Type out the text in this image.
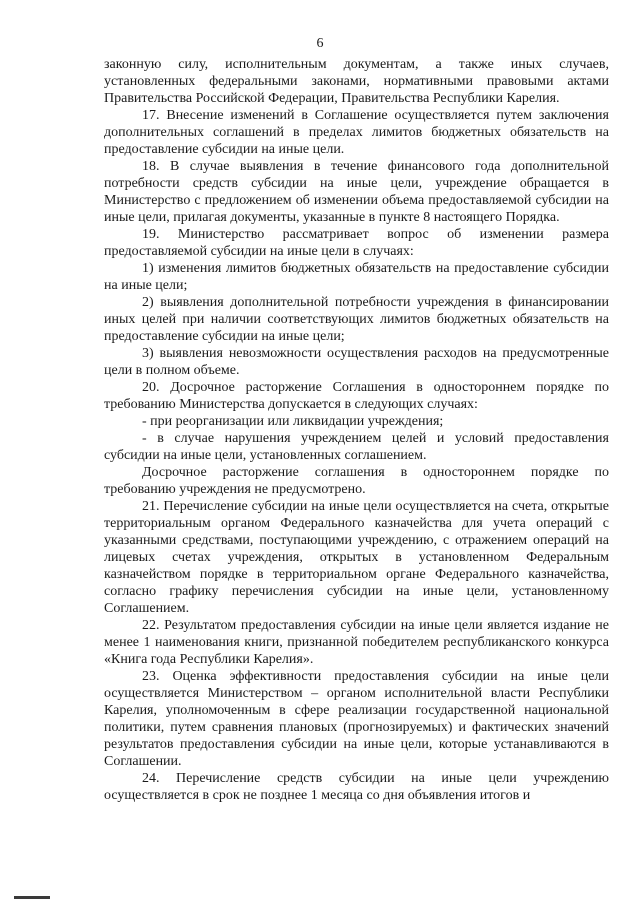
6

законную силу, исполнительным документам, а также иных случаев, установленных федеральными законами, нормативными правовыми актами Правительства Российской Федерации, Правительства Республики Карелия.

17. Внесение изменений в Соглашение осуществляется путем заключения дополнительных соглашений в пределах лимитов бюджетных обязательств на предоставление субсидии на иные цели.

18. В случае выявления в течение финансового года дополнительной потребности средств субсидии на иные цели, учреждение обращается в Министерство с предложением об изменении объема предоставляемой субсидии на иные цели, прилагая документы, указанные в пункте 8 настоящего Порядка.

19. Министерство рассматривает вопрос об изменении размера предоставляемой субсидии на иные цели в случаях:

1) изменения лимитов бюджетных обязательств на предоставление субсидии на иные цели;

2) выявления дополнительной потребности учреждения в финансировании иных целей при наличии соответствующих лимитов бюджетных обязательств на предоставление субсидии на иные цели;

3) выявления невозможности осуществления расходов на предусмотренные цели в полном объеме.

20. Досрочное расторжение Соглашения в одностороннем порядке по требованию Министерства допускается в следующих случаях:

- при реорганизации или ликвидации учреждения;

- в случае нарушения учреждением целей и условий предоставления субсидии на иные цели, установленных соглашением.

Досрочное расторжение соглашения в одностороннем порядке по требованию учреждения не предусмотрено.

21. Перечисление субсидии на иные цели осуществляется на счета, открытые территориальным органом Федерального казначейства для учета операций с указанными средствами, поступающими учреждению, с отражением операций на лицевых счетах учреждения, открытых в установленном Федеральным казначейством порядке в территориальном органе Федерального казначейства, согласно графику перечисления субсидии на иные цели, установленному Соглашением.

22. Результатом предоставления субсидии на иные цели является издание не менее 1 наименования книги, признанной победителем республиканского конкурса «Книга года Республики Карелия».

23. Оценка эффективности предоставления субсидии на иные цели осуществляется Министерством – органом исполнительной власти Республики Карелия, уполномоченным в сфере реализации государственной национальной политики, путем сравнения плановых (прогнозируемых) и фактических значений результатов предоставления субсидии на иные цели, которые устанавливаются в Соглашении.

24. Перечисление средств субсидии на иные цели учреждению осуществляется в срок не позднее 1 месяца со дня объявления итогов и
